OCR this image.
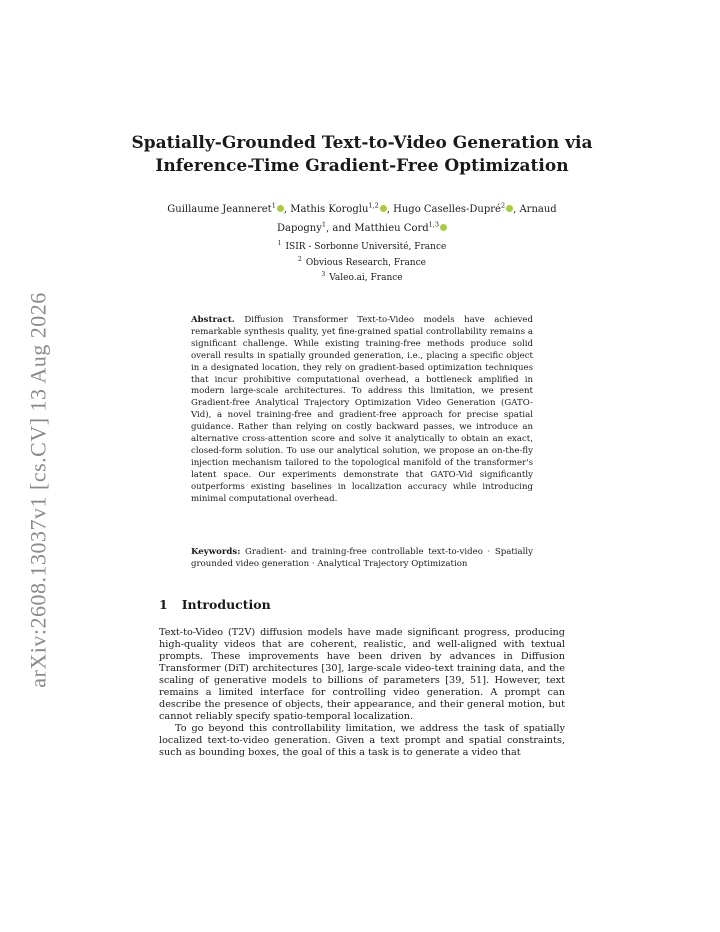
arXiv:2608.13037v1 [cs.CV] 13 Aug 2026
Spatially-Grounded Text-to-Video Generation via
Inference-Time Gradient-Free Optimization
Guillaume Jeanneret$^1$ , Mathis Koroglu$^{1,2}$ , Hugo Caselles-Dupré$^2$ , Arnaud Dapogny$^1$, and Matthieu Cord$^{1,3}$
$^1$ ISIR - Sorbonne Université, France
$^2$ Obvious Research, France
$^3$ Valeo.ai, France
Abstract. Diffusion Transformer Text-to-Video models have achieved remarkable synthesis quality, yet fine-grained spatial controllability remains a significant challenge. While existing training-free methods produce solid overall results in spatially grounded generation, i.e., placing a specific object in a designated location, they rely on gradient-based optimization techniques that incur prohibitive computational overhead, a bottleneck amplified in modern large-scale architectures. To address this limitation, we present Gradient-free Analytical Trajectory Optimization Video Generation (GATO-Vid), a novel training-free and gradient-free approach for precise spatial guidance. Rather than relying on costly backward passes, we introduce an alternative cross-attention score and solve it analytically to obtain an exact, closed-form solution. To use our analytical solution, we propose an on-the-fly injection mechanism tailored to the topological manifold of the transformer's latent space. Our experiments demonstrate that GATO-Vid significantly outperforms existing baselines in localization accuracy while introducing minimal computational overhead.
Keywords: Gradient- and training-free controllable text-to-video · Spatially grounded video generation · Analytical Trajectory Optimization
1 Introduction

Text-to-Video (T2V) diffusion models have made significant progress, producing high-quality videos that are coherent, realistic, and well-aligned with textual prompts. These improvements have been driven by advances in Diffusion Transformer (DiT) architectures [30], large-scale video-text training data, and the scaling of generative models to billions of parameters [39, 51]. However, text remains a limited interface for controlling video generation. A prompt can describe the presence of objects, their appearance, and their general motion, but cannot reliably specify spatio-temporal localization.

To go beyond this controllability limitation, we address the task of spatially localized text-to-video generation. Given a text prompt and spatial constraints, such as bounding boxes, the goal of this a task is to generate a video that
